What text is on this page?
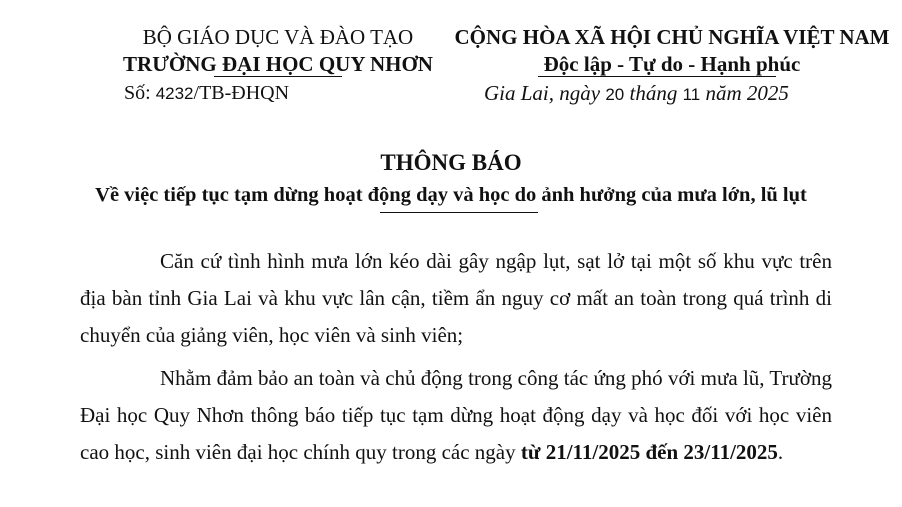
BỘ GIÁO DỤC VÀ ĐÀO TẠO
TRƯỜNG ĐẠI HỌC QUY NHƠN
Số: 4232/TB-ĐHQN
CỘNG HÒA XÃ HỘI CHỦ NGHĨA VIỆT NAM
Độc lập - Tự do - Hạnh phúc
Gia Lai, ngày 20 tháng 11 năm 2025
THÔNG BÁO
Về việc tiếp tục tạm dừng hoạt động dạy và học do ảnh hưởng của mưa lớn, lũ lụt

Căn cứ tình hình mưa lớn kéo dài gây ngập lụt, sạt lở tại một số khu vực trên địa bàn tỉnh Gia Lai và khu vực lân cận, tiềm ẩn nguy cơ mất an toàn trong quá trình di chuyển của giảng viên, học viên và sinh viên;

Nhằm đảm bảo an toàn và chủ động trong công tác ứng phó với mưa lũ, Trường Đại học Quy Nhơn thông báo tiếp tục tạm dừng hoạt động dạy và học đối với học viên cao học, sinh viên đại học chính quy trong các ngày từ 21/11/2025 đến 23/11/2025.
